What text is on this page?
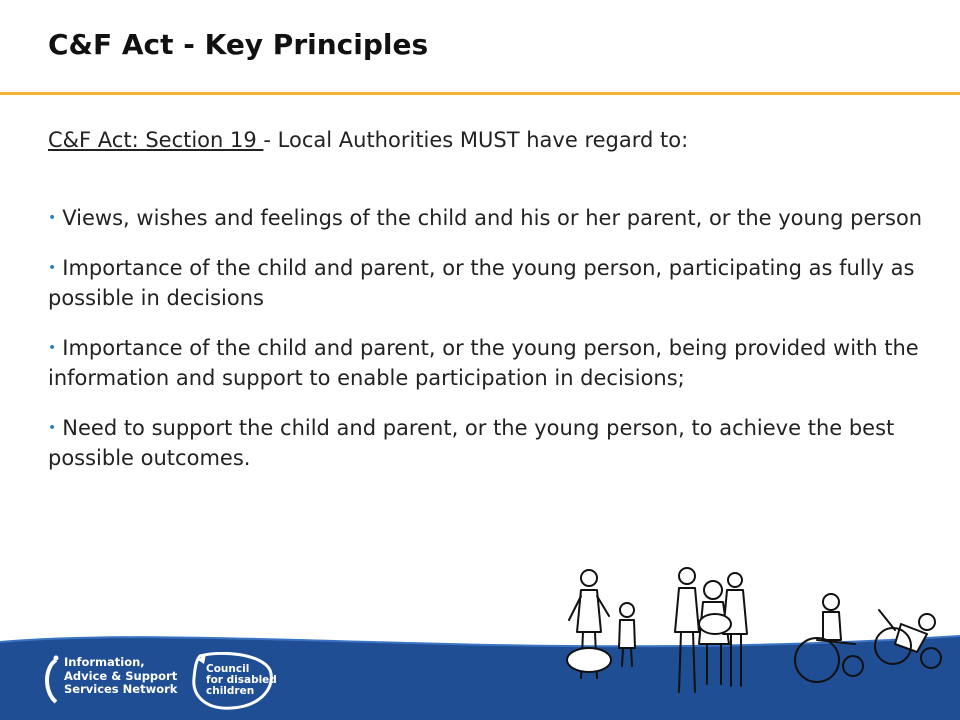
C&F Act - Key Principles

C&F Act: Section 19 - Local Authorities MUST have regard to:

• Views, wishes and feelings of the child and his or her parent, or the young person
• Importance of the child and parent, or the young person, participating as fully as possible in decisions
• Importance of the child and parent, or the young person, being provided with the information and support to enable participation in decisions;
• Need to support the child and parent, or the young person, to achieve the best possible outcomes.
Information,
Advice & Support
Services Network
Council
for disabled
children
